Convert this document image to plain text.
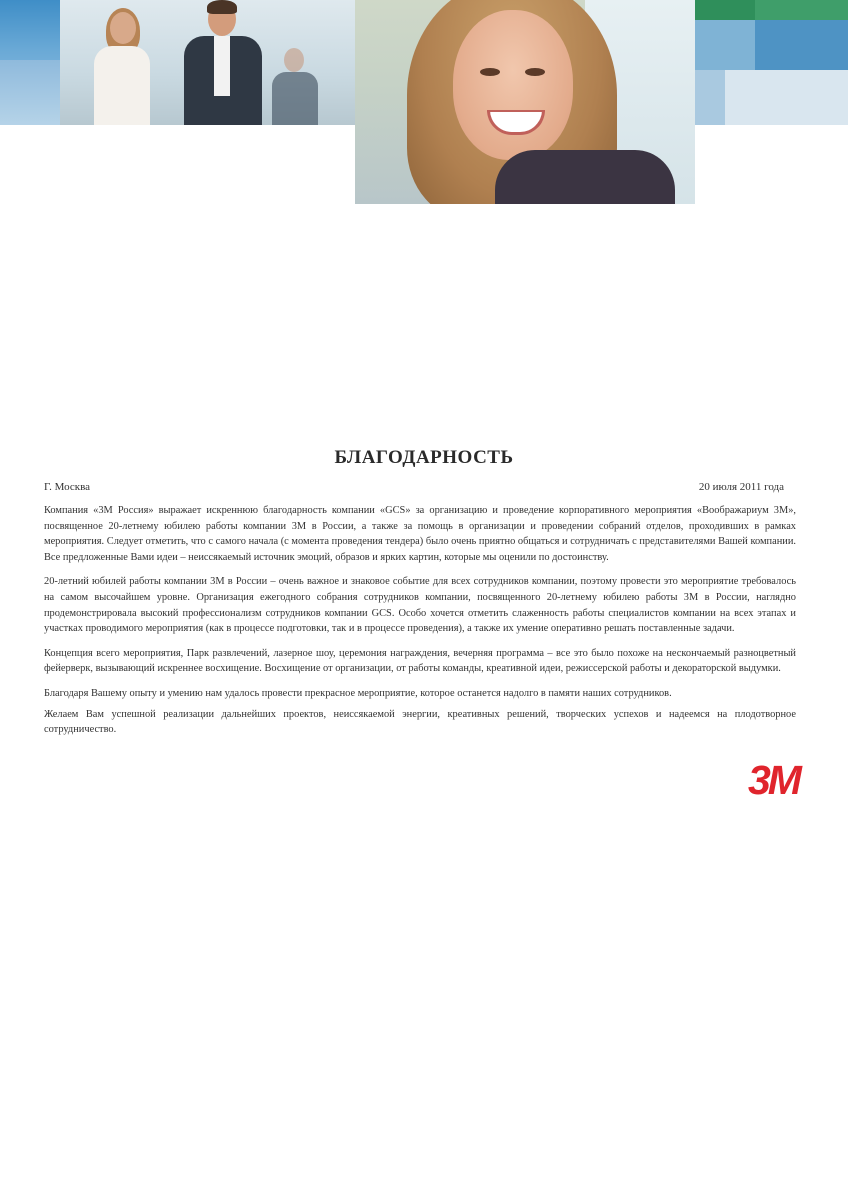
БЛАГОДАРНОСТЬ
Г. Москва	20 июля 2011 года

Компания «3М Россия» выражает искреннюю благодарность компании «GCS» за организацию и проведение корпоративного мероприятия «Воображариум 3М», посвященное 20-летнему юбилею работы компании 3М в России, а также за помощь в организации и проведении собраний отделов, проходивших в рамках мероприятия. Следует отметить, что с самого начала (с момента проведения тендера) было очень приятно общаться и сотрудничать с представителями Вашей компании. Все предложенные Вами идеи – неиссякаемый источник эмоций, образов и ярких картин, которые мы оценили по достоинству.

20-летний юбилей работы компании 3М в России – очень важное и знаковое событие для всех сотрудников компании, поэтому провести это мероприятие требовалось на самом высочайшем уровне. Организация ежегодного собрания сотрудников компании, посвященного 20-летнему юбилею работы 3М в России, наглядно продемонстрировала высокий профессионализм сотрудников компании GCS. Особо хочется отметить слаженность работы специалистов компании на всех этапах и участках проводимого мероприятия (как в процессе подготовки, так и в процессе проведения), а также их умение оперативно решать поставленные задачи.

Концепция всего мероприятия, Парк развлечений, лазерное шоу, церемония награждения, вечерняя программа – все это было похоже на нескончаемый разноцветный фейерверк, вызывающий искреннее восхищение. Восхищение от организации, от работы команды, креативной идеи, режиссерской работы и декораторской выдумки.

Благодаря Вашему опыту и умению нам удалось провести прекрасное мероприятие, которое останется надолго в памяти наших сотрудников.

Желаем Вам успешной реализации дальнейших проектов, неиссякаемой энергии, креативных решений, творческих успехов и надеемся на плодотворное сотрудничество.

3M
